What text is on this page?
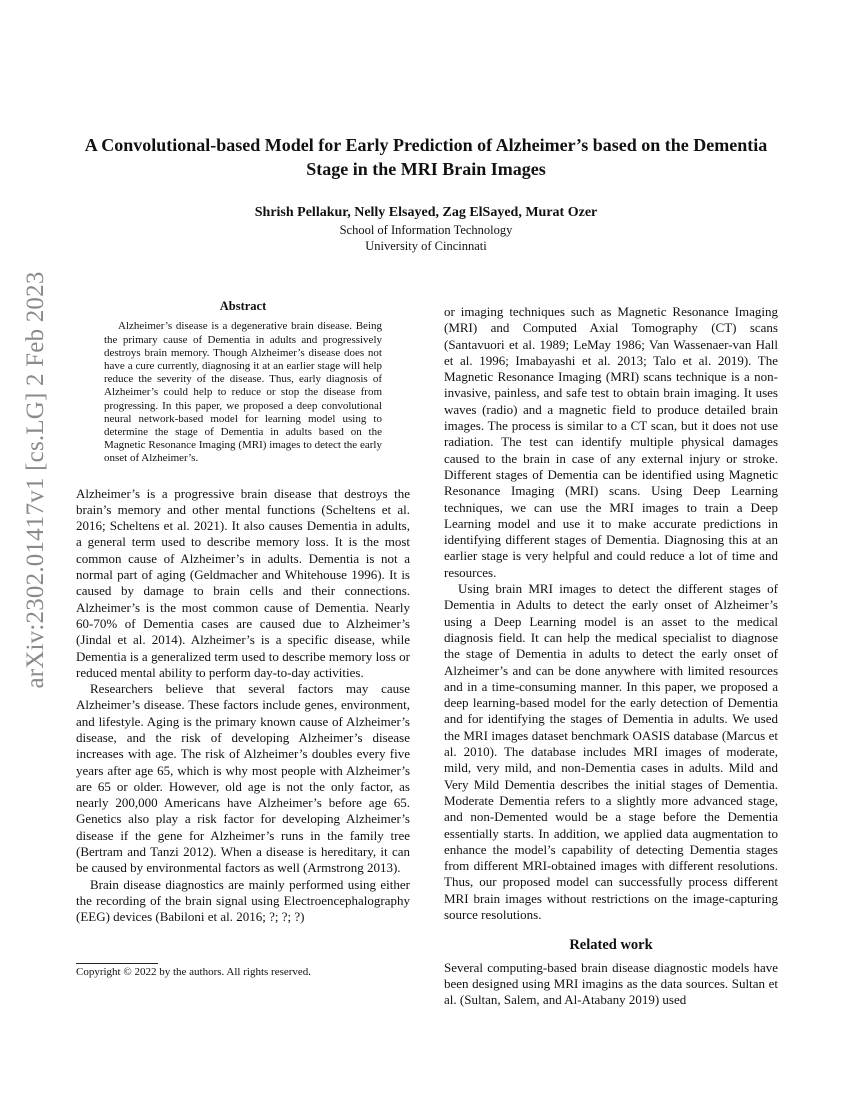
arXiv:2302.01417v1 [cs.LG] 2 Feb 2023
A Convolutional-based Model for Early Prediction of Alzheimer’s based on the Dementia Stage in the MRI Brain Images
Shrish Pellakur, Nelly Elsayed, Zag ElSayed, Murat Ozer
School of Information Technology
University of Cincinnati
Abstract

Alzheimer’s disease is a degenerative brain disease. Being the primary cause of Dementia in adults and progressively destroys brain memory. Though Alzheimer’s disease does not have a cure currently, diagnosing it at an earlier stage will help reduce the severity of the disease. Thus, early diagnosis of Alzheimer’s could help to reduce or stop the disease from progressing. In this paper, we proposed a deep convolutional neural network-based model for learning model using to determine the stage of Dementia in adults based on the Magnetic Resonance Imaging (MRI) images to detect the early onset of Alzheimer’s.

Alzheimer’s is a progressive brain disease that destroys the brain’s memory and other mental functions (Scheltens et al. 2016; Scheltens et al. 2021). It also causes Dementia in adults, a general term used to describe memory loss. It is the most common cause of Alzheimer’s in adults. Dementia is not a normal part of aging (Geldmacher and Whitehouse 1996). It is caused by damage to brain cells and their connections. Alzheimer’s is the most common cause of Dementia. Nearly 60-70% of Dementia cases are caused due to Alzheimer’s (Jindal et al. 2014). Alzheimer’s is a specific disease, while Dementia is a generalized term used to describe memory loss or reduced mental ability to perform day-to-day activities.

Researchers believe that several factors may cause Alzheimer’s disease. These factors include genes, environment, and lifestyle. Aging is the primary known cause of Alzheimer’s disease, and the risk of developing Alzheimer’s disease increases with age. The risk of Alzheimer’s doubles every five years after age 65, which is why most people with Alzheimer’s are 65 or older. However, old age is not the only factor, as nearly 200,000 Americans have Alzheimer’s before age 65. Genetics also play a risk factor for developing Alzheimer’s disease if the gene for Alzheimer’s runs in the family tree (Bertram and Tanzi 2012). When a disease is hereditary, it can be caused by environmental factors as well (Armstrong 2013).

Brain disease diagnostics are mainly performed using either the recording of the brain signal using Electroencephalography (EEG) devices (Babiloni et al. 2016; ?; ?; ?)

or imaging techniques such as Magnetic Resonance Imaging (MRI) and Computed Axial Tomography (CT) scans (Santavuori et al. 1989; LeMay 1986; Van Wassenaer-van Hall et al. 1996; Imabayashi et al. 2013; Talo et al. 2019). The Magnetic Resonance Imaging (MRI) scans technique is a non-invasive, painless, and safe test to obtain brain imaging. It uses waves (radio) and a magnetic field to produce detailed brain images. The process is similar to a CT scan, but it does not use radiation. The test can identify multiple physical damages caused to the brain in case of any external injury or stroke. Different stages of Dementia can be identified using Magnetic Resonance Imaging (MRI) scans. Using Deep Learning techniques, we can use the MRI images to train a Deep Learning model and use it to make accurate predictions in identifying different stages of Dementia. Diagnosing this at an earlier stage is very helpful and could reduce a lot of time and resources.

Using brain MRI images to detect the different stages of Dementia in Adults to detect the early onset of Alzheimer’s using a Deep Learning model is an asset to the medical diagnosis field. It can help the medical specialist to diagnose the stage of Dementia in adults to detect the early onset of Alzheimer’s and can be done anywhere with limited resources and in a time-consuming manner. In this paper, we proposed a deep learning-based model for the early detection of Dementia and for identifying the stages of Dementia in adults. We used the MRI images dataset benchmark OASIS database (Marcus et al. 2010). The database includes MRI images of moderate, mild, very mild, and non-Dementia cases in adults. Mild and Very Mild Dementia describes the initial stages of Dementia. Moderate Dementia refers to a slightly more advanced stage, and non-Demented would be a stage before the Dementia essentially starts. In addition, we applied data augmentation to enhance the model’s capability of detecting Dementia stages from different MRI-obtained images with different resolutions. Thus, our proposed model can successfully process different MRI brain images without restrictions on the image-capturing source resolutions.

Related work

Several computing-based brain disease diagnostic models have been designed using MRI imagins as the data sources. Sultan et al. (Sultan, Salem, and Al-Atabany 2019) used

Copyright © 2022 by the authors. All rights reserved.
